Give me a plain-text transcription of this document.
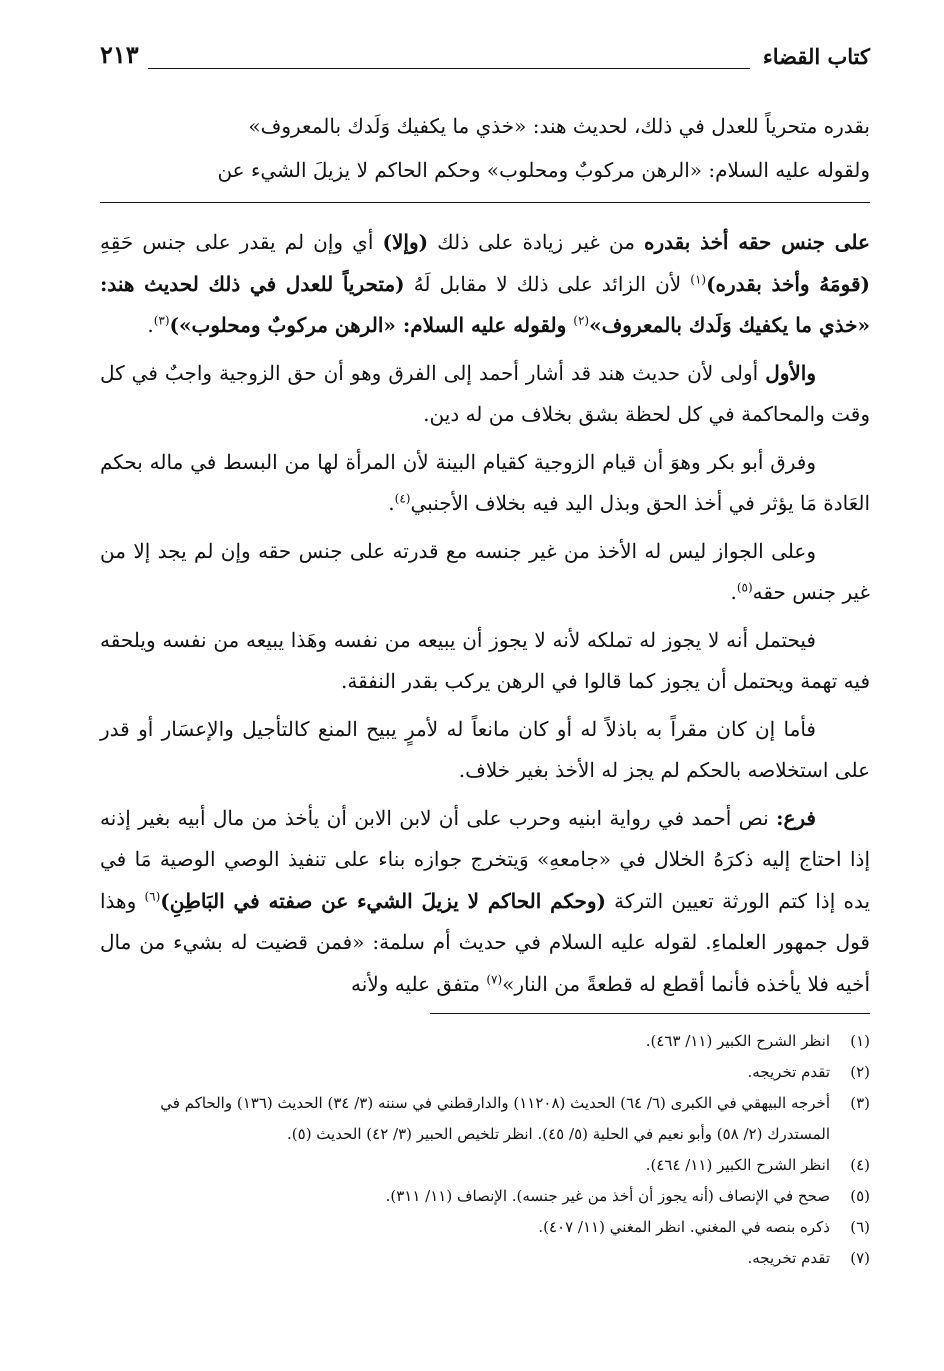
كتاب القضاء
٢١٣
بقدره متحرياً للعدل في ذلك، لحديث هند: «خذي ما يكفيك وَلَدك بالمعروف»
ولقوله عليه السلام: «الرهن مركوبٌ ومحلوب» وحكم الحاكم لا يزيلَ الشيء عن

على جنس حقه أخذ بقدره من غير زيادة على ذلك (وإلا) أي وإن لم يقدر على جنس حَقِهِ (قومَهُ وأخذ بقدره)$^{(١)}$ لأن الزائد على ذلك لا مقابل لَهُ (متحرياً للعدل في ذلك لحديث هند: «خذي ما يكفيك وَلَدك بالمعروف»$^{(٢)}$ ولقوله عليه السلام: «الرهن مركوبٌ ومحلوب»)$^{(٣)}$.

والأول أولى لأن حديث هند قد أشار أحمد إلى الفرق وهو أن حق الزوجية واجبٌ في كل وقت والمحاكمة في كل لحظة بشق بخلاف من له دين.

وفرق أبو بكر وهوَ أن قيام الزوجية كقيام البينة لأن المرأة لها من البسط في ماله بحكم العَادة مَا يؤثر في أخذ الحق وبذل اليد فيه بخلاف الأجنبي$^{(٤)}$.

وعلى الجواز ليس له الأخذ من غير جنسه مع قدرته على جنس حقه وإن لم يجد إلا من غير جنس حقه$^{(٥)}$.

فيحتمل أنه لا يجوز له تملكه لأنه لا يجوز أن يبيعه من نفسه وهَذا يبيعه من نفسه ويلحقه فيه تهمة ويحتمل أن يجوز كما قالوا في الرهن يركب بقدر النفقة.

فأما إن كان مقراً به باذلاً له أو كان مانعاً له لأمرٍ يبيح المنع كالتأجيل والإعسَار أو قدر على استخلاصه بالحكم لم يجز له الأخذ بغير خلاف.

فرع: نص أحمد في رواية ابنيه وحرب على أن لابن الابن أن يأخذ من مال أبيه بغير إذنه إذا احتاج إليه ذكرَهُ الخلال في «جامعهِ» وَيتخرج جوازه بناء على تنفيذ الوصي الوصية مَا في يده إذا كتم الورثة تعيين التركة (وحكم الحاكم لا يزيلَ الشيء عن صفته في البَاطِنِ)$^{(٦)}$ وهذا قول جمهور العلماءِ. لقوله عليه السلام في حديث أم سلمة: «فمن قضيت له بشيء من مال أخيه فلا يأخذه فأنما أقطع له قطعةً من النار»$^{(٧)}$ متفق عليه ولأنه

(١)
انظر الشرح الكبير (١١/ ٤٦٣).
(٢)
تقدم تخريجه.
(٣)
أخرجه البيهقي في الكبرى (٦/ ٦٤) الحديث (١١٢٠٨) والدارقطني في سننه (٣/ ٣٤) الحديث (١٣٦) والحاكم في المستدرك (٢/ ٥٨) وأبو نعيم في الحلية (٥/ ٤٥). انظر تلخيص الحبير (٣/ ٤٢) الحديث (٥).
(٤)
انظر الشرح الكبير (١١/ ٤٦٤).
(٥)
صحح في الإنصاف (أنه يجوز أن أخذ من غير جنسه). الإنصاف (١١/ ٣١١).
(٦)
ذكره بنصه في المغني. انظر المغني (١١/ ٤٠٧).
(٧)
تقدم تخريجه.
